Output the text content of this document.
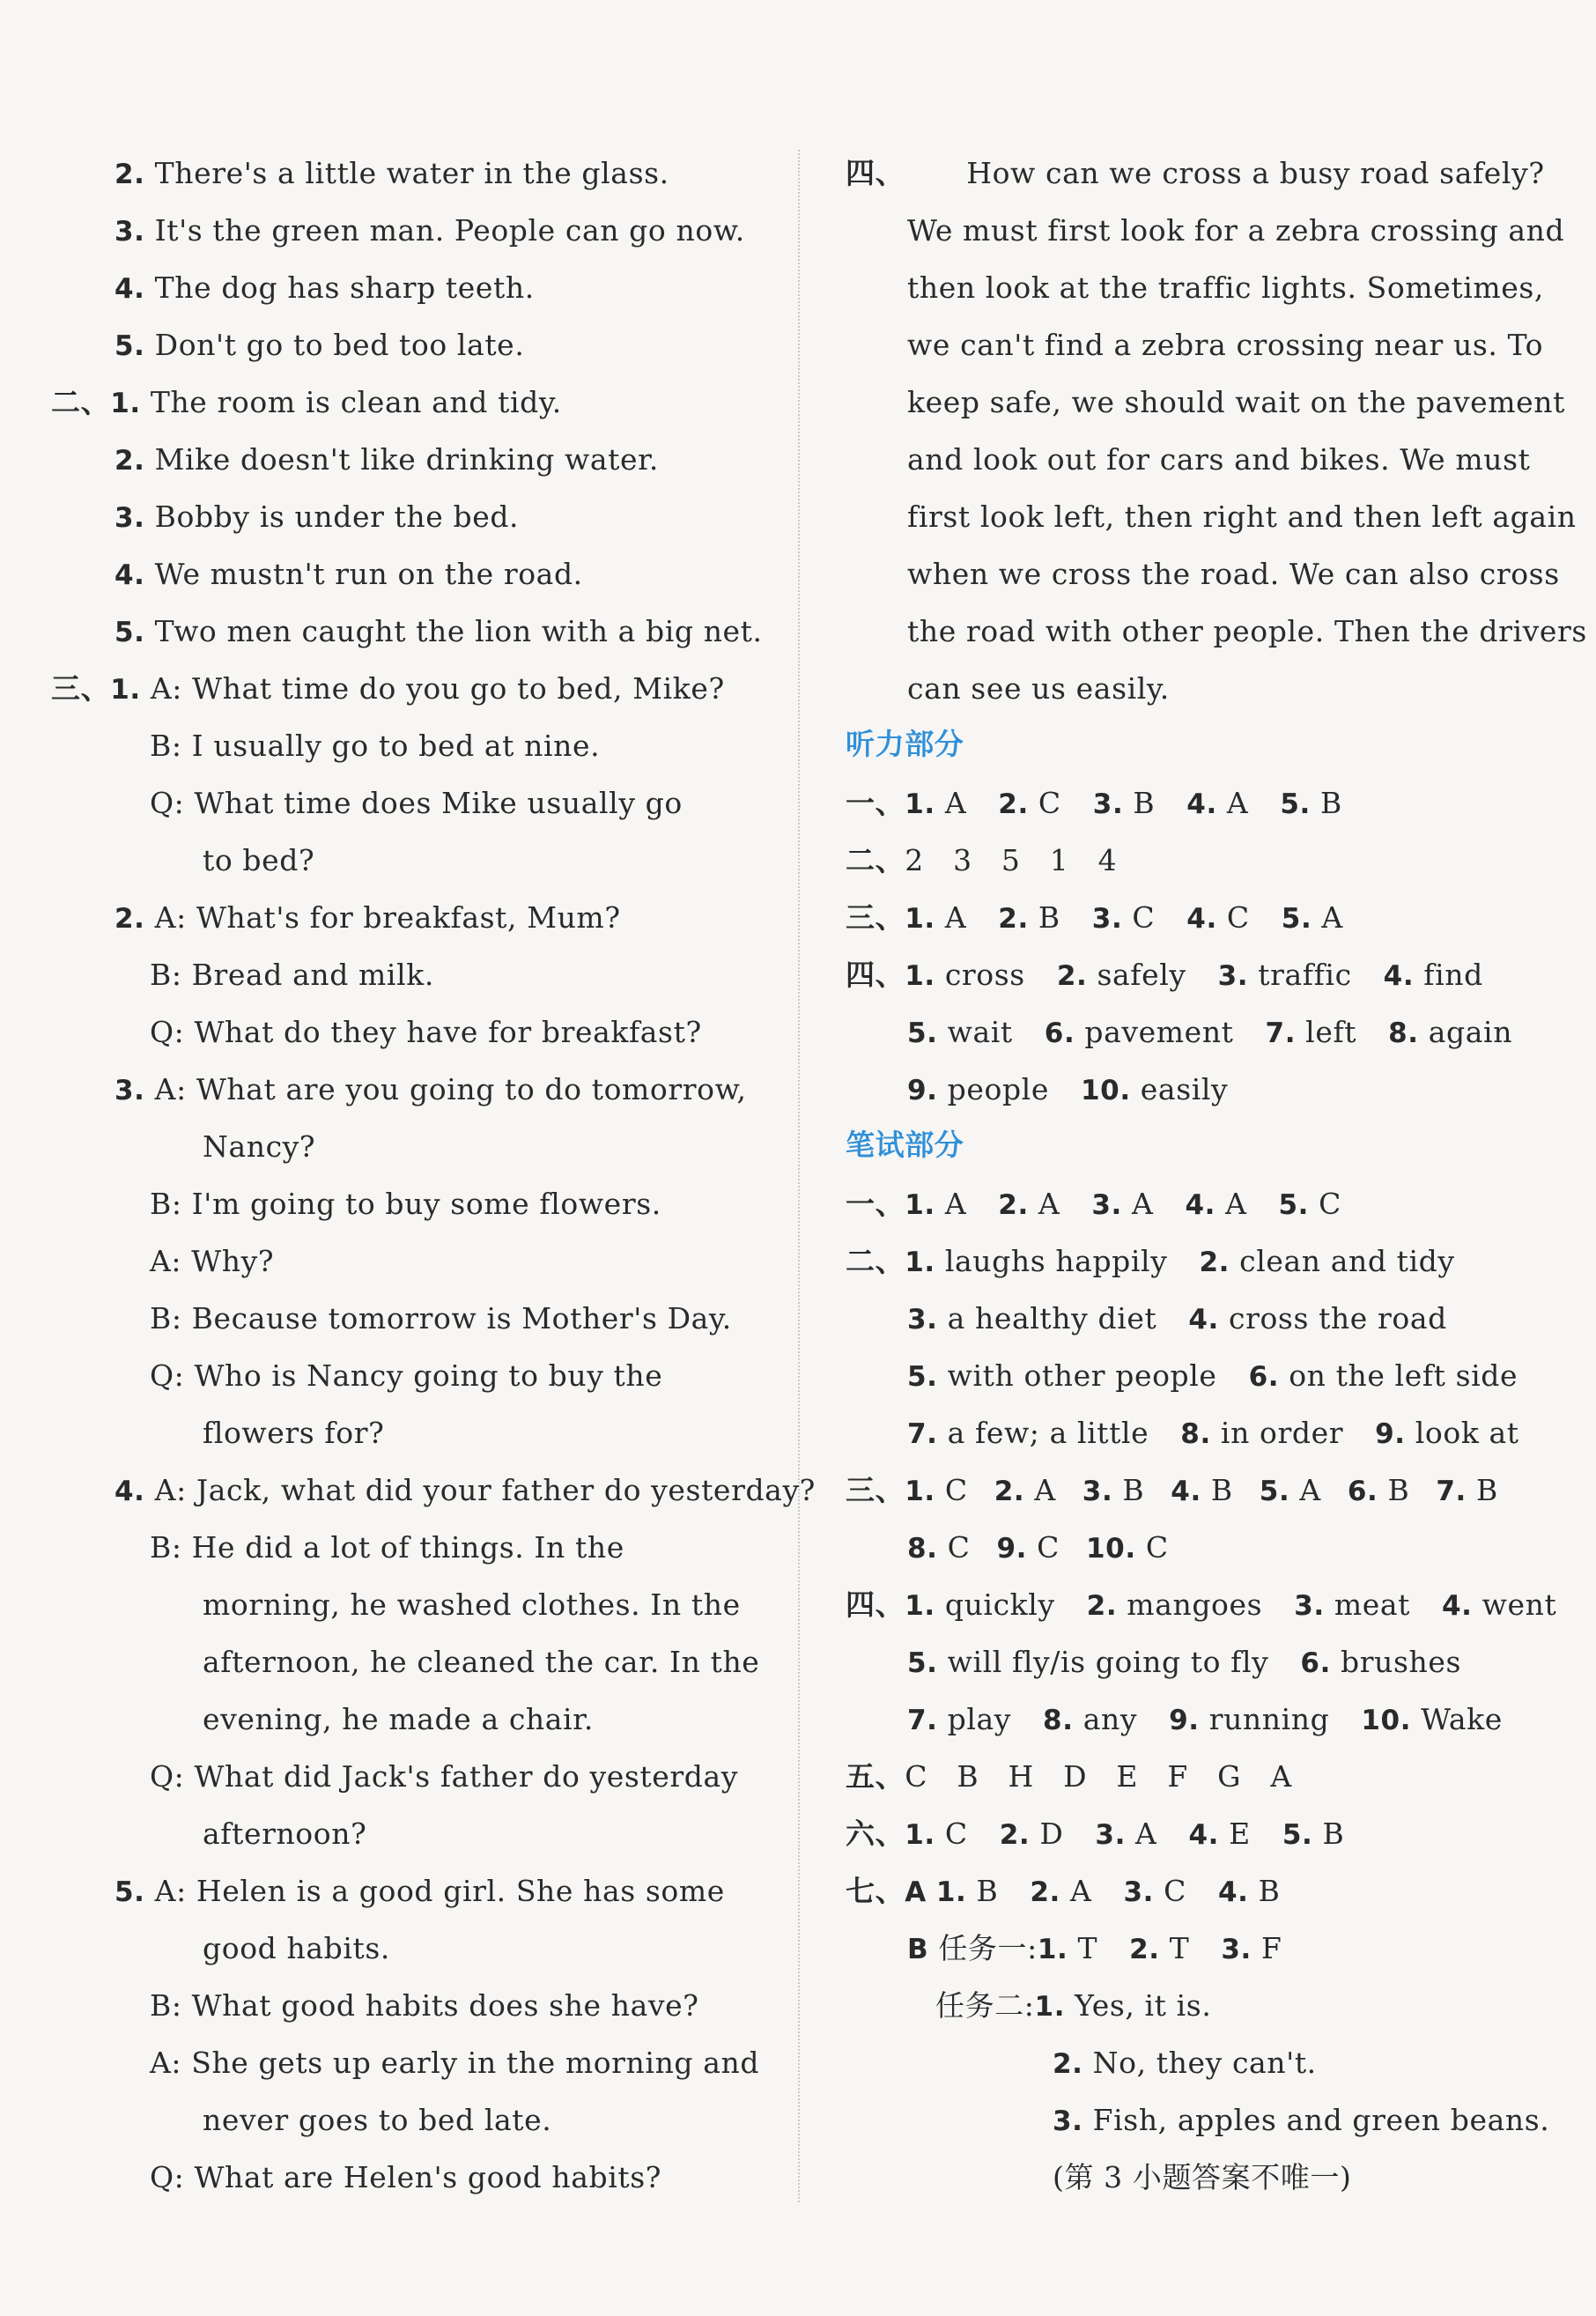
2. There's a little water in the glass.
3. It's the green man. People can go now.
4. The dog has sharp teeth.
5. Don't go to bed too late.
二、1. The room is clean and tidy.
2. Mike doesn't like drinking water.
3. Bobby is under the bed.
4. We mustn't run on the road.
5. Two men caught the lion with a big net.
三、1. A: What time do you go to bed, Mike?
B: I usually go to bed at nine.
Q: What time does Mike usually go
to bed?
2. A: What's for breakfast, Mum?
B: Bread and milk.
Q: What do they have for breakfast?
3. A: What are you going to do tomorrow,
Nancy?
B: I'm going to buy some flowers.
A: Why?
B: Because tomorrow is Mother's Day.
Q: Who is Nancy going to buy the
flowers for?
4. A: Jack, what did your father do yesterday?
B: He did a lot of things. In the
morning, he washed clothes. In the
afternoon, he cleaned the car. In the
evening, he made a chair.
Q: What did Jack's father do yesterday
afternoon?
5. A: Helen is a good girl. She has some
good habits.
B: What good habits does she have?
A: She gets up early in the morning and
never goes to bed late.
Q: What are Helen's good habits?
四、 How can we cross a busy road safely?
We must first look for a zebra crossing and
then look at the traffic lights. Sometimes,
we can't find a zebra crossing near us. To
keep safe, we should wait on the pavement
and look out for cars and bikes. We must
first look left, then right and then left again
when we cross the road. We can also cross
the road with other people. Then the drivers
can see us easily.
听力部分
一、1. A 2. C 3. B 4. A 5. B
二、2   3   5   1   4
三、1. A 2. B 3. C 4. C 5. A
四、1. cross 2. safely 3. traffic 4. find
5. wait 6. pavement 7. left 8. again
9. people 10. easily
笔试部分
一、1. A 2. A 3. A 4. A 5. C
二、1. laughs happily 2. clean and tidy
3. a healthy diet 4. cross the road
5. with other people 6. on the left side
7. a few; a little 8. in order 9. look at
三、1. C 2. A 3. B 4. B 5. A 6. B 7. B
8. C 9. C 10. C
四、1. quickly 2. mangoes 3. meat 4. went
5. will fly/is going to fly 6. brushes
7. play 8. any 9. running 10. Wake
五、C   B   H   D   E   F   G   A
六、1. C 2. D 3. A 4. E 5. B
七、A 1. B 2. A 3. C 4. B
B 任务一:1. T 2. T 3. F
任务二:1. Yes, it is.
2. No, they can't.
3. Fish, apples and green beans.
(第 3 小题答案不唯一)
